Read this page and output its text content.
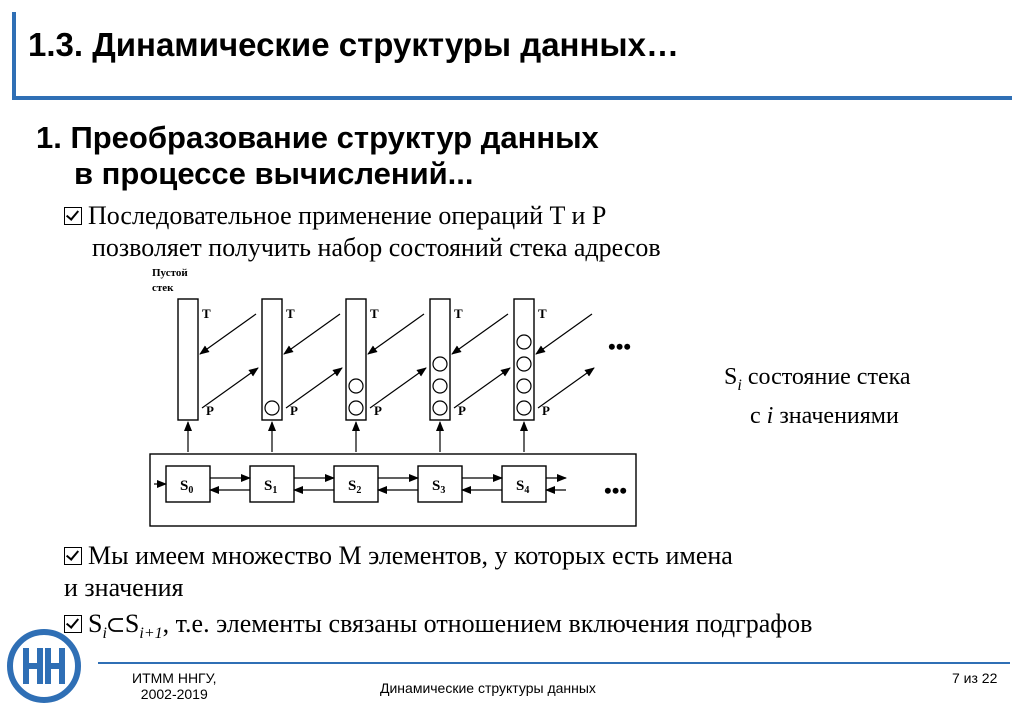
1.3. Динамические структуры данных…
1. Преобразование структур данных
в процессе вычислений...
Последовательное применение операций T и P
позволяет получить набор состояний стека адресов
Пустой
стек
T
P
T
P
T
P
T
P
T
P
$S_0$	$S_1$	$S_2$	$S_3$	$S_4$
•••
•••
$S_i$ состояние стека
с i значениями
Мы имеем множество M элементов, у которых есть имена
и значения
$S_i$ $S_{i+1}$, т.е. элементы связаны отношением включения подграфов
ИТММ ННГУ,
2002-2019	Динамические структуры данных
7 из 22
